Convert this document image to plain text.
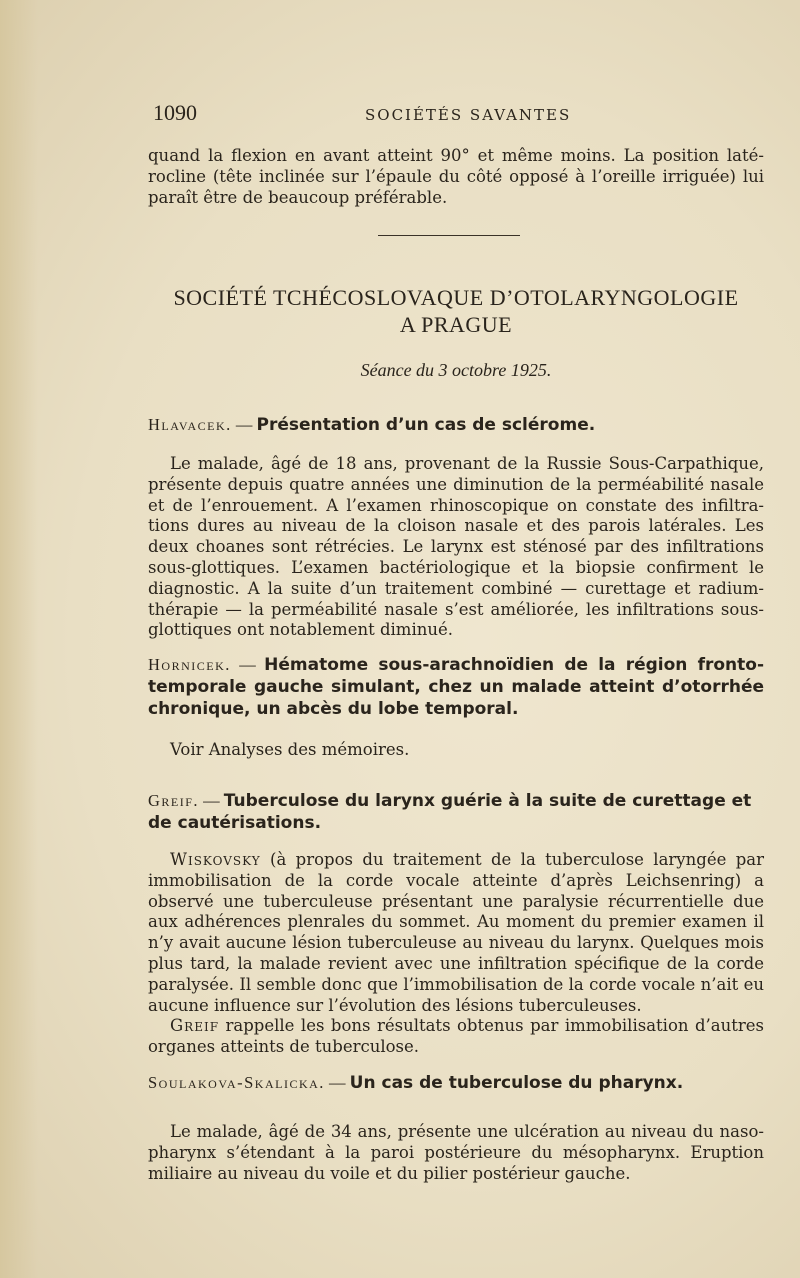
1090	SOCIÉTÉS SAVANTES

quand la flexion en avant atteint 90° et même moins. La position latérocline (tête inclinée sur l’épaule du côté opposé à l’oreille irriguée) lui paraît être de beaucoup préférable.

SOCIÉTÉ TCHÉCOSLOVAQUE D’OTOLARYNGOLOGIE
A PRAGUE
Séance du 3 octobre 1925.
Hlavacek. — Présentation d’un cas de sclérome.

Le malade, âgé de 18 ans, provenant de la Russie Sous-Carpathique, présente depuis quatre années une diminution de la perméabilité nasale et de l’enrouement. A l’examen rhinoscopique on constate des infiltrations dures au niveau de la cloison nasale et des parois latérales. Les deux choanes sont rétrécies. Le larynx est sténosé par des infiltrations sous-glottiques. L’examen bactériologique et la biopsie confirment le diagnostic. A la suite d’un traitement combiné — curettage et radiumthérapie — la perméabilité nasale s’est améliorée, les infiltrations sousglottiques ont notablement diminué.

Hornicek. — Hématome sous-arachnoïdien de la région fronto-temporale gauche simulant, chez un malade atteint d’otorrhée chronique, un abcès du lobe temporal.

Voir Analyses des mémoires.

Greif. — Tuberculose du larynx guérie à la suite de curettage et de cautérisations.

Wiskovsky (à propos du traitement de la tuberculose laryngée par immobilisation de la corde vocale atteinte d’après Leichsenring) a observé une tuberculeuse présentant une paralysie récurrentielle due aux adhérences plenrales du sommet. Au moment du premier examen il n’y avait aucune lésion tuberculeuse au niveau du larynx. Quelques mois plus tard, la malade revient avec une infiltration spécifique de la corde paralysée. Il semble donc que l’immobilisation de la corde vocale n’ait eu aucune influence sur l’évolution des lésions tuberculeuses.

Greif rappelle les bons résultats obtenus par immobilisation d’autres organes atteints de tuberculose.

Soulakova-Skalicka. — Un cas de tuberculose du pharynx.

Le malade, âgé de 34 ans, présente une ulcération au niveau du nasopharynx s’étendant à la paroi postérieure du mésopharynx. Eruption miliaire au niveau du voile et du pilier postérieur gauche.
